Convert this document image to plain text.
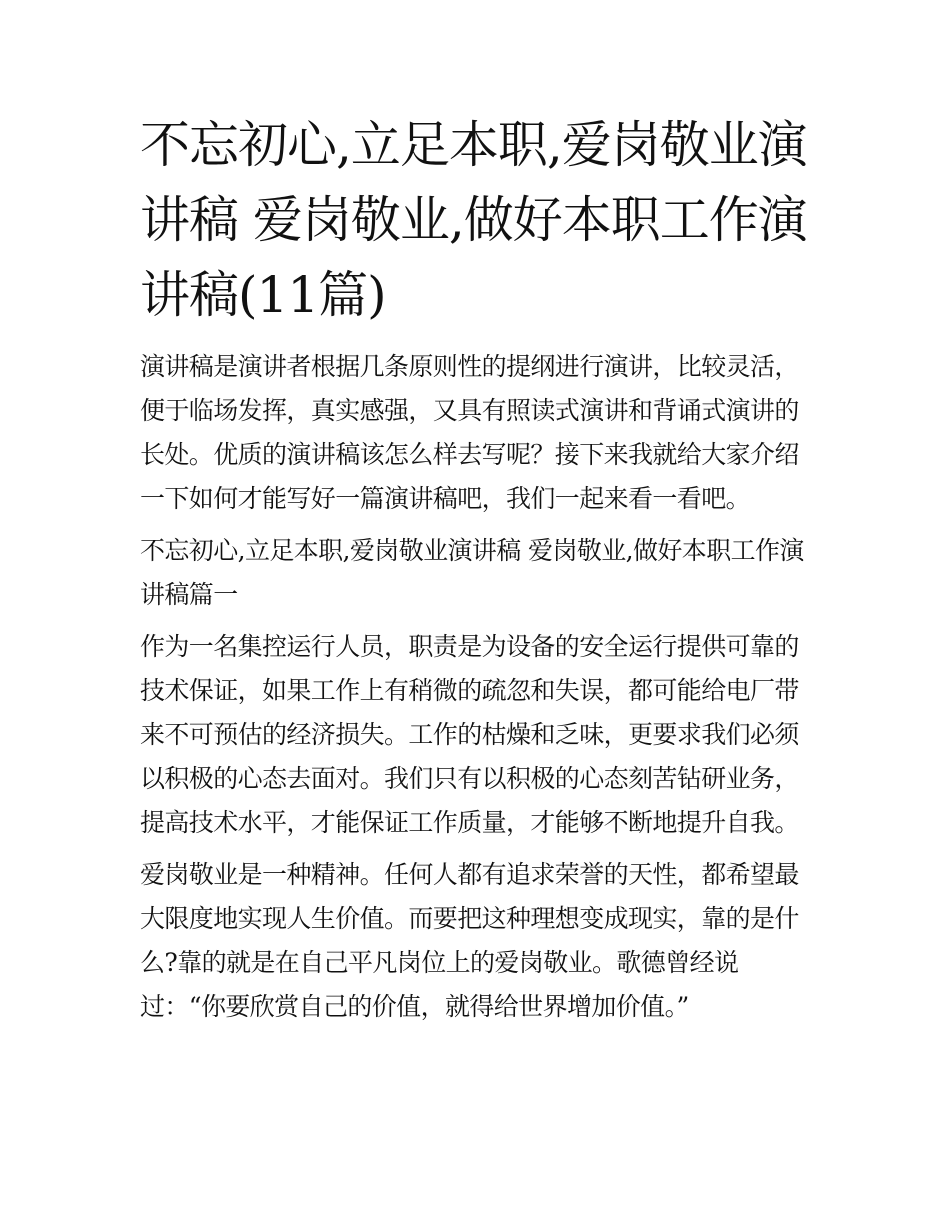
不忘初心,立足本职,爱岗敬业演讲稿 爱岗敬业,做好本职工作演讲稿(11篇)

演讲稿是演讲者根据几条原则性的提纲进行演讲，比较灵活，便于临场发挥，真实感强，又具有照读式演讲和背诵式演讲的长处。优质的演讲稿该怎么样去写呢？接下来我就给大家介绍一下如何才能写好一篇演讲稿吧，我们一起来看一看吧。

不忘初心,立足本职,爱岗敬业演讲稿 爱岗敬业,做好本职工作演讲稿篇一

作为一名集控运行人员，职责是为设备的安全运行提供可靠的技术保证，如果工作上有稍微的疏忽和失误，都可能给电厂带来不可预估的经济损失。工作的枯燥和乏味，更要求我们必须以积极的心态去面对。我们只有以积极的心态刻苦钻研业务，提高技术水平，才能保证工作质量，才能够不断地提升自我。

爱岗敬业是一种精神。任何人都有追求荣誉的天性，都希望最大限度地实现人生价值。而要把这种理想变成现实，靠的是什么?靠的就是在自己平凡岗位上的爱岗敬业。歌德曾经说过：“你要欣赏自己的价值，就得给世界增加价值。”
